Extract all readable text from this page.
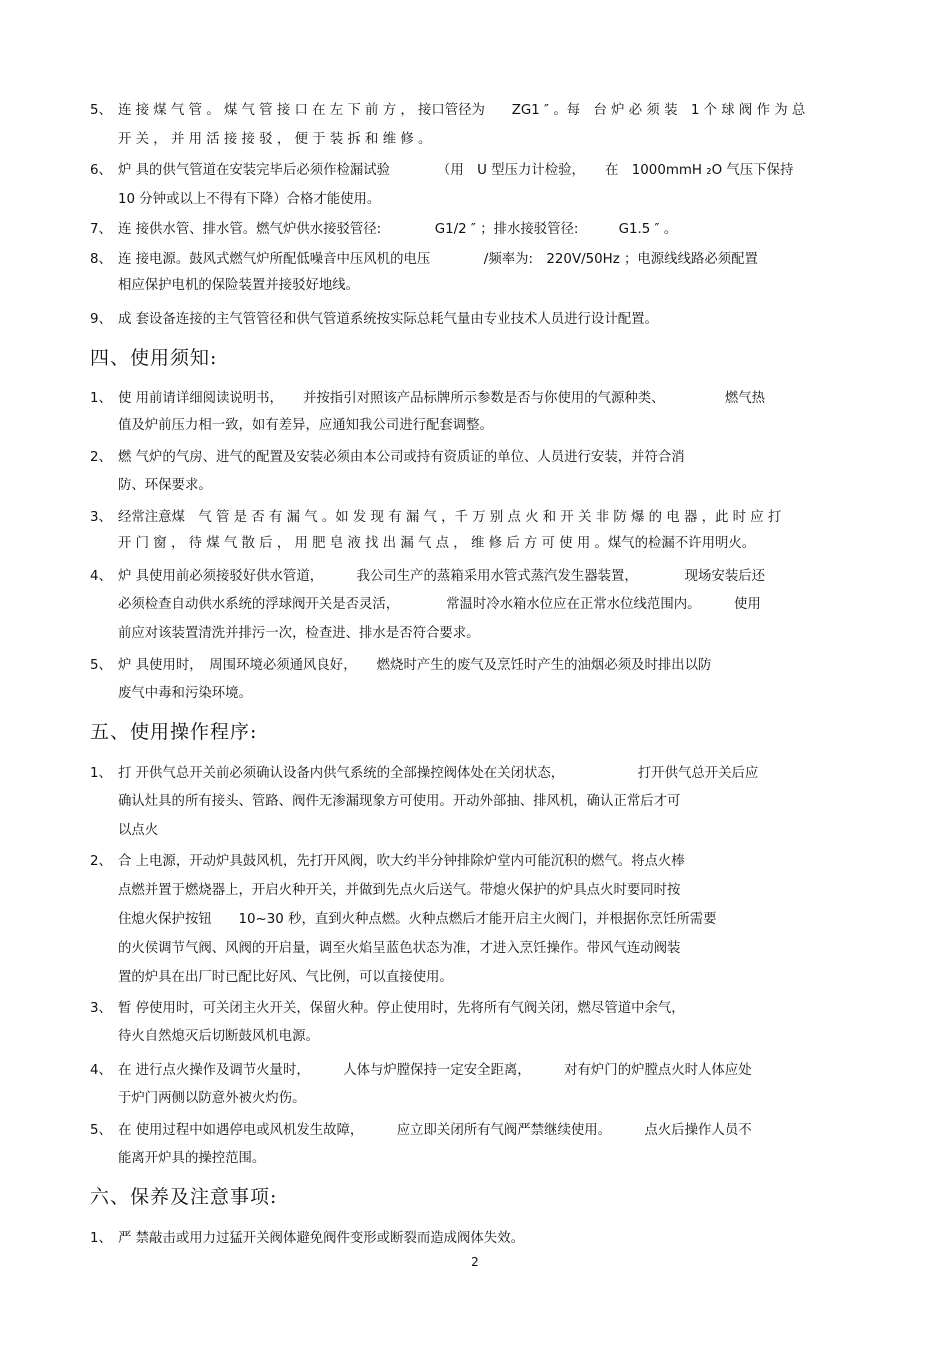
5、 连 接 煤 气 管 。 煤 气 管 接 口 在 左 下 前 方 ， 接口管径为　　ZG1 ″ 。每　台 炉 必 须 装　1 个 球 阀 作 为 总
开 关 ， 并 用 活 接 接 驳 ， 便 于 装 拆 和 维 修 。
6、 炉 具的供气管道在安装完毕后必须作检漏试验　　　　（用　U 型压力计检验，　　在　1000mmH ₂O 气压下保持
10 分钟或以上不得有下降）合格才能使用。
7、 连 接供水管、排水管。燃气炉供水接驳管径:　　　　G1/2 ″ ；排水接驳管径:　　　G1.5 ″ 。
8、 连 接电源。鼓风式燃气炉所配低噪音中压风机的电压　　　　/频率为:　220V/50Hz ；电源线线路必须配置
相应保护电机的保险装置并接驳好地线。
9、 成 套设备连接的主气管管径和供气管道系统按实际总耗气量由专业技术人员进行设计配置。
四、使用须知:
1、 使 用前请详细阅读说明书，　　并按指引对照该产品标牌所示参数是否与你使用的气源种类、　　　　　燃气热
值及炉前压力相一致，如有差异，应通知我公司进行配套调整。
2、 燃 气炉的气房、进气的配置及安装必须由本公司或持有资质证的单位、人员进行安装，并符合消
防、环保要求。
3、 经常注意煤　气 管 是 否 有 漏 气 。如 发 现 有 漏 气 ，千 万 别 点 火 和 开 关 非 防 爆 的 电 器 ，此 时 应 打
开 门 窗 ， 待 煤 气 散 后 ， 用 肥 皂 液 找 出 漏 气 点 ， 维 修 后 方 可 使 用 。煤气的检漏不许用明火。
4、 炉 具使用前必须接驳好供水管道，　　　我公司生产的蒸箱采用水管式蒸汽发生器装置，　　　　现场安装后还
必须检查自动供水系统的浮球阀开关是否灵活，　　　　常温时冷水箱水位应在正常水位线范围内。　　　使用
前应对该装置清洗并排污一次，检查进、排水是否符合要求。
5、 炉 具使用时，　周围环境必须通风良好，　　燃烧时产生的废气及烹饪时产生的油烟必须及时排出以防
废气中毒和污染环境。
五、使用操作程序:
1、 打 开供气总开关前必须确认设备内供气系统的全部操控阀体处在关闭状态，　　　　　　打开供气总开关后应
确认灶具的所有接头、管路、阀件无渗漏现象方可使用。开动外部抽、排风机，确认正常后才可
以点火
2、 合 上电源，开动炉具鼓风机，先打开风阀，吹大约半分钟排除炉堂内可能沉积的燃气。将点火棒
点燃并置于燃烧器上，开启火种开关，并做到先点火后送气。带熄火保护的炉具点火时要同时按
住熄火保护按钮　　10~30 秒，直到火种点燃。火种点燃后才能开启主火阀门，并根据你烹饪所需要
的火侯调节气阀、风阀的开启量，调至火焰呈蓝色状态为准，才进入烹饪操作。带风气连动阀装
置的炉具在出厂时已配比好风、气比例，可以直接使用。
3、 暂 停使用时，可关闭主火开关，保留火种。停止使用时，先将所有气阀关闭，燃尽管道中余气，
待火自然熄灭后切断鼓风机电源。
4、 在 进行点火操作及调节火量时，　　　人体与炉膛保持一定安全距离，　　　对有炉门的炉膛点火时人体应处
于炉门两侧以防意外被火灼伤。
5、 在 使用过程中如遇停电或风机发生故障，　　　应立即关闭所有气阀严禁继续使用。　　　点火后操作人员不
能离开炉具的操控范围。
六、保养及注意事项:
1、 严 禁敲击或用力过猛开关阀体避免阀件变形或断裂而造成阀体失效。
2
